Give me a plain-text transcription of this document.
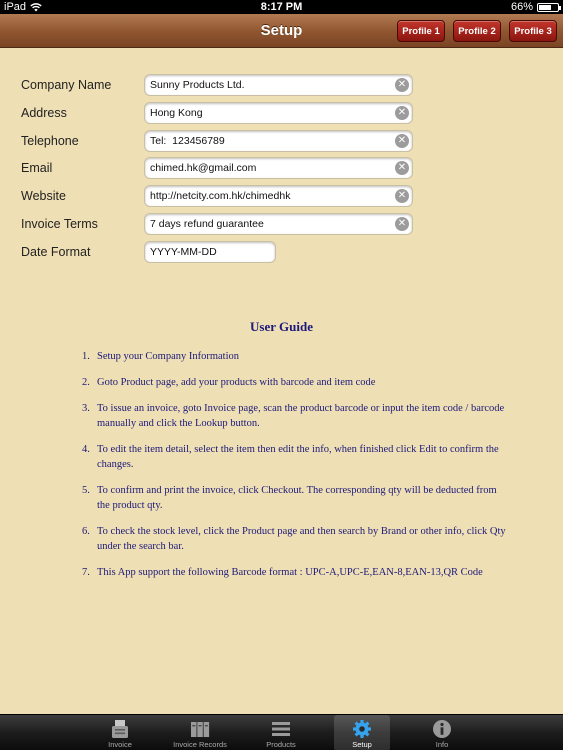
iPad	8:17 PM	66%
Setup	Profile 1	Profile 2	Profile 3
Company Name	Sunny Products Ltd.	✕
Address	Hong Kong	✕
Telephone	Tel:  123456789	✕
Email	chimed.hk@gmail.com	✕
Website	http://netcity.com.hk/chimedhk	✕
Invoice Terms	7 days refund guarantee	✕
Date Format	YYYY-MM-DD
User Guide
1. Setup your Company Information
2. Goto Product page, add your products with barcode and item code
3. To issue an invoice, goto Invoice page, scan the product barcode or input the item code / barcode manually and click the Lookup button.
4. To edit the item detail, select the item then edit the info, when finished click Edit to confirm the changes.
5. To confirm and print the invoice, click Checkout. The corresponding qty will be deducted from the product qty.
6. To check the stock level, click the Product page and then search by Brand or other info, click Qty under the search bar.
7. This App support the following Barcode format : UPC-A,UPC-E,EAN-8,EAN-13,QR Code
Invoice	Invoice Records	Products	Setup	Info
